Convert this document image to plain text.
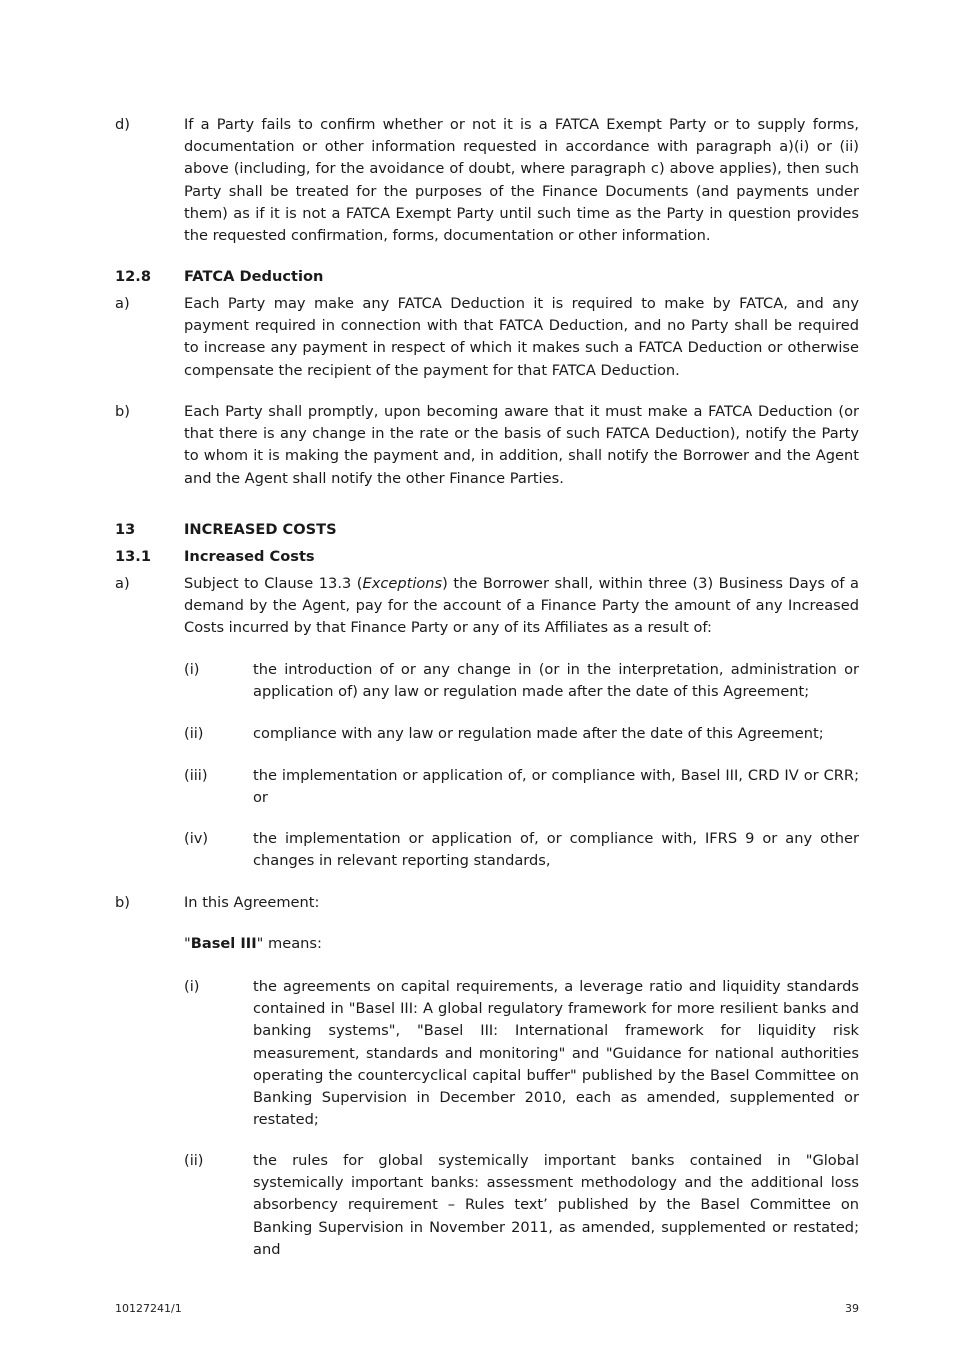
d)	If a Party fails to confirm whether or not it is a FATCA Exempt Party or to supply forms, documentation or other information requested in accordance with paragraph a)(i) or (ii) above (including, for the avoidance of doubt, where paragraph c) above applies), then such Party shall be treated for the purposes of the Finance Documents (and payments under them) as if it is not a FATCA Exempt Party until such time as the Party in question provides the requested confirmation, forms, documentation or other information.
12.8 FATCA Deduction
a)	Each Party may make any FATCA Deduction it is required to make by FATCA, and any payment required in connection with that FATCA Deduction, and no Party shall be required to increase any payment in respect of which it makes such a FATCA Deduction or otherwise compensate the recipient of the payment for that FATCA Deduction.
b)	Each Party shall promptly, upon becoming aware that it must make a FATCA Deduction (or that there is any change in the rate or the basis of such FATCA Deduction), notify the Party to whom it is making the payment and, in addition, shall notify the Borrower and the Agent and the Agent shall notify the other Finance Parties.
13	INCREASED COSTS
13.1 Increased Costs
a)	Subject to Clause 13.3 (Exceptions) the Borrower shall, within three (3) Business Days of a demand by the Agent, pay for the account of a Finance Party the amount of any Increased Costs incurred by that Finance Party or any of its Affiliates as a result of:
(i)	the introduction of or any change in (or in the interpretation, administration or application of) any law or regulation made after the date of this Agreement;
(ii)	compliance with any law or regulation made after the date of this Agreement;
(iii)	the implementation or application of, or compliance with, Basel III, CRD IV or CRR; or
(iv)	the implementation or application of, or compliance with, IFRS 9 or any other changes in relevant reporting standards,
b)	In this Agreement:
"Basel III" means:
(i)	the agreements on capital requirements, a leverage ratio and liquidity standards contained in "Basel III: A global regulatory framework for more resilient banks and banking systems", "Basel III: International framework for liquidity risk measurement, standards and monitoring" and "Guidance for national authorities operating the countercyclical capital buffer" published by the Basel Committee on Banking Supervision in December 2010, each as amended, supplemented or restated;
(ii)	the rules for global systemically important banks contained in "Global systemically important banks: assessment methodology and the additional loss absorbency requirement – Rules text’ published by the Basel Committee on Banking Supervision in November 2011, as amended, supplemented or restated; and
10127241/1	39
